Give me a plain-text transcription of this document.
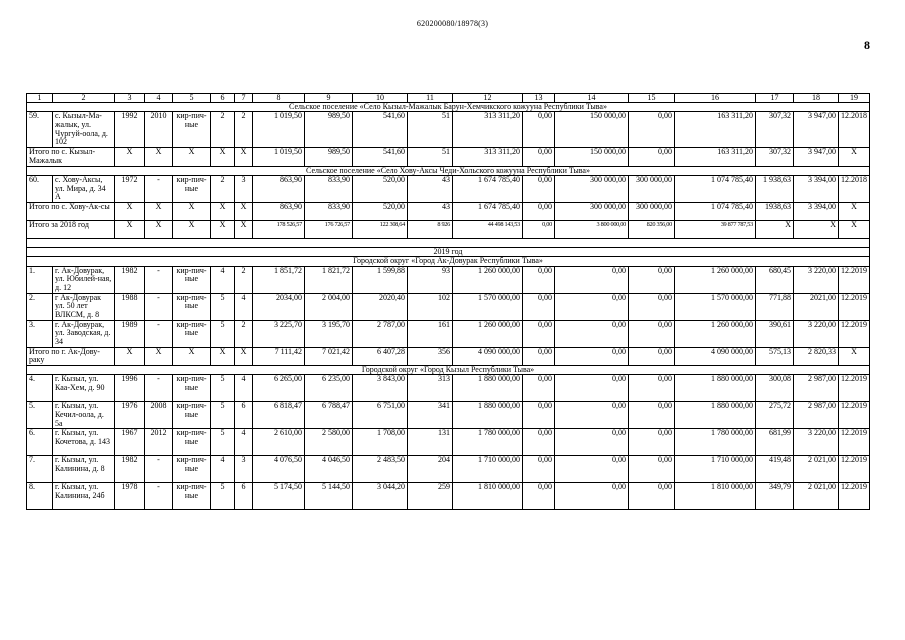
620200080/18978(3)
8
1	2	3	4	5	6	7	8	9	10	11	12	13	14	15	16	17	18	19
Сельское поселение «Село Кызыл-Мажалык Барун-Хемчикского кожууна Республики Тыва»																		
59.	с. Кызыл-Ма-жалык, ул. Чургуй-оола, д. 102	1992	2010	кир-пич-ные	2	2	1 019,50	989,50	541,60	51	313 311,20	0,00	150 000,00	0,00	163 311,20	307,32	3 947,00	12.2018
Итого по с. Кызыл-Мажалык		X	X	X	X	X	1 019,50	989,50	541,60	51	313 311,20	0,00	150 000,00	0,00	163 311,20	307,32	3 947,00	X
Сельское поселение «Село Хову-Аксы Чеди-Хольского кожууна Республики Тыва»																		
60.	с. Хову-Аксы, ул. Мира, д. 34 А	1972	-	кир-пич-ные	2	3	863,90	833,90	520,00	43	1 674 785,40	0,00	300 000,00	300 000,00	1 074 785,40	1 938,63	3 394,00	12.2018
Итого по с. Хову-Ак-сы		X	X	X	X	X	863,90	833,90	520,00	43	1 674 785,40	0,00	300 000,00	300 000,00	1 074 785,40	1938,63	3 394,00	X
Итого за 2018 год		X	X	X	X	X	178 526,57	176 726,57	122 308,64	8 926	44 498 143,53	0,00	3 800 000,00	820 356,00	39 877 787,53	X	X	X

2019 год																		
Городской округ «Город Ак-Довурак Республики Тыва»																		
1.	г. Ак-Довурак, ул. Юбилей-ная, д. 12	1982	-	кир-пич-ные	4	2	1 851,72	1 821,72	1 599,88	93	1 260 000,00	0,00	0,00	0,00	1 260 000,00	680,45	3 220,00	12.2019
2.	г Ак-Довурак ул. 50 лет ВЛКСМ, д. 8	1988	-	кир-пич-ные	5	4	2034,00	2 004,00	2020,40	102	1 570 000,00	0,00	0,00	0,00	1 570 000,00	771,88	2021,00	12.2019
3.	г. Ак-Довурак, ул. Заводская, д. 34	1989	-	кир-пич-ные	5	2	3 225,70	3 195,70	2 787,00	161	1 260 000,00	0,00	0,00	0,00	1 260 000,00	390,61	3 220,00	12.2019
Итого по г. Ак-Дову-раку		X	X	X	X	X	7 111,42	7 021,42	6 407,28	356	4 090 000,00	0,00	0,00	0,00	4 090 000,00	575,13	2 820,33	X
Городской округ «Город Кызыл Республики Тыва»																		
4.	г. Кызыл, ул. Каа-Хем, д. 90	1996	-	кир-пич-ные	5	4	6 265,00	6 235,00	3 843,00	313	1 880 000,00	0,00	0,00	0,00	1 880 000,00	300,08	2 987,00	12.2019
5.	г. Кызыл, ул. Кечил-оола, д. 5а	1976	2008	кир-пич-ные	5	6	6 818,47	6 788,47	6 751,00	341	1 880 000,00	0,00	0,00	0,00	1 880 000,00	275,72	2 987,00	12.2019
6.	г. Кызыл, ул. Кочетова, д. 143	1967	2012	кир-пич-ные	5	4	2 610,00	2 580,00	1 708,00	131	1 780 000,00	0,00	0,00	0,00	1 780 000,00	681,99	3 220,00	12.2019
7.	г. Кызыл, ул. Калинина, д. 8	1982	-	кир-пич-ные	4	3	4 076,50	4 046,50	2 483,50	204	1 710 000,00	0,00	0,00	0,00	1 710 000,00	419,48	2 021,00	12.2019
8.	г. Кызыл, ул. Калинина, 24б	1978	-	кир-пич-ные	5	6	5 174,50	5 144,50	3 044,20	259	1 810 000,00	0,00	0,00	0,00	1 810 000,00	349,79	2 021,00	12.2019
